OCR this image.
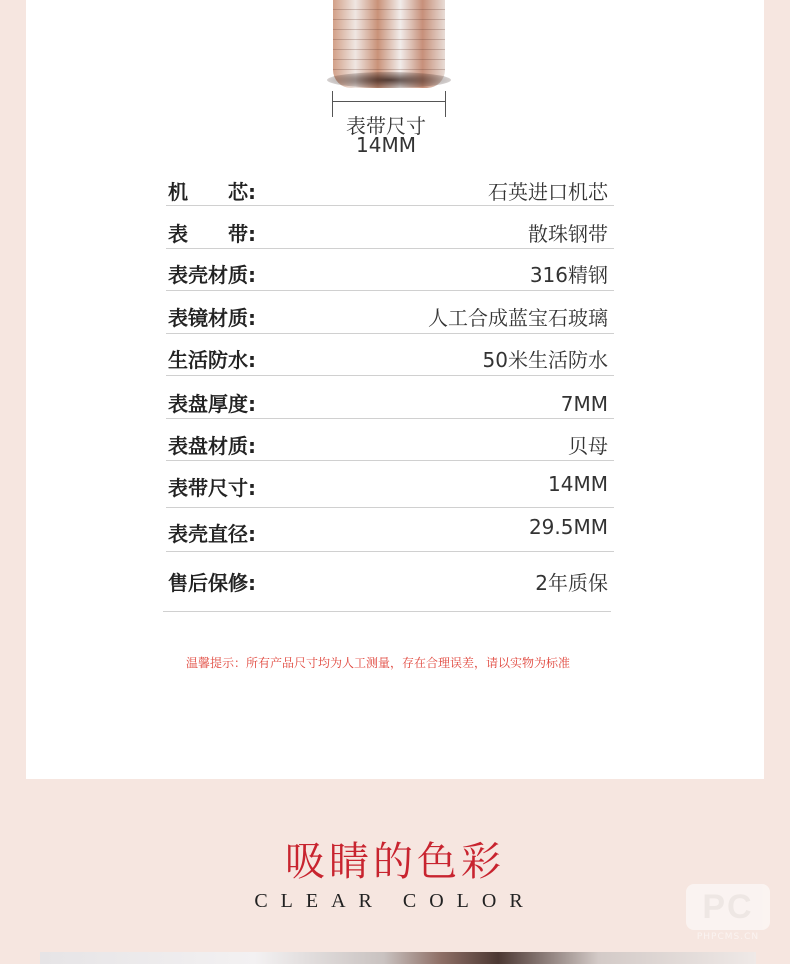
表带尺寸
14MM
机　　芯:	石英进口机芯
表　　带:	散珠钢带
表壳材质:	316精钢
表镜材质:	人工合成蓝宝石玻璃
生活防水:	50米生活防水
表盘厚度:	7MM
表盘材质:	贝母
表带尺寸:	14MM
表壳直径:	29.5MM
售后保修:	2年质保
温馨提示：所有产品尺寸均为人工测量，存在合理误差，请以实物为标准
吸睛的色彩
CLEAR COLOR	PC
PHPCMS.CN
